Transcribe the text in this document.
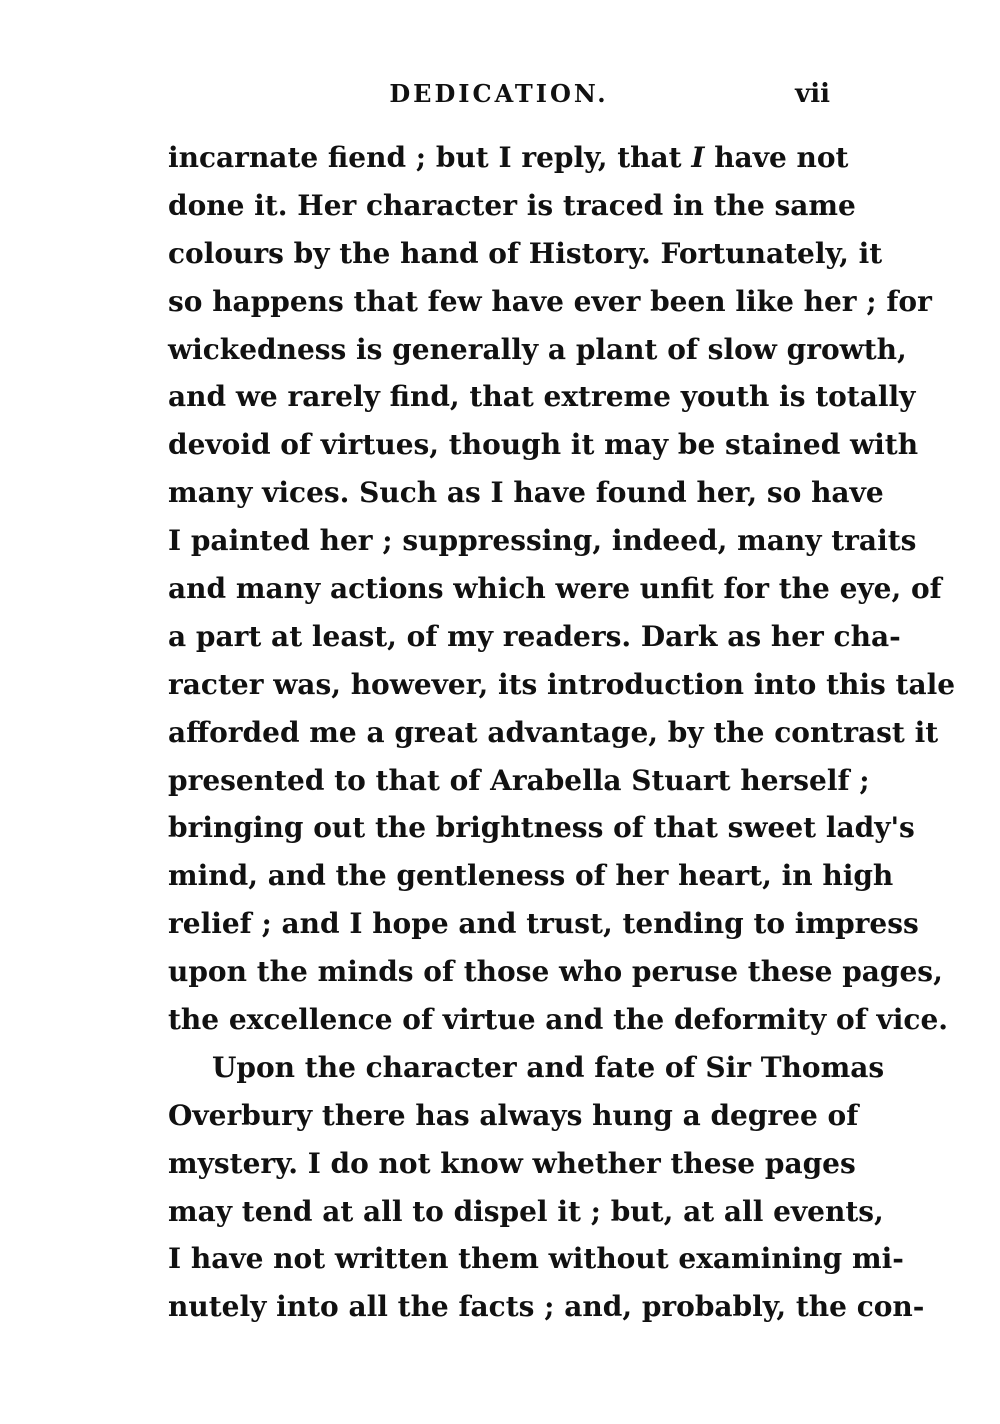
DEDICATION.	vii
incarnate fiend ; but I reply, that I have not
done it. Her character is traced in the same
colours by the hand of History. Fortunately, it
so happens that few have ever been like her ; for
wickedness is generally a plant of slow growth,
and we rarely find, that extreme youth is totally
devoid of virtues, though it may be stained with
many vices. Such as I have found her, so have
I painted her ; suppressing, indeed, many traits
and many actions which were unfit for the eye, of
a part at least, of my readers. Dark as her cha-
racter was, however, its introduction into this tale
afforded me a great advantage, by the contrast it
presented to that of Arabella Stuart herself ;
bringing out the brightness of that sweet lady's
mind, and the gentleness of her heart, in high
relief ; and I hope and trust, tending to impress
upon the minds of those who peruse these pages,
the excellence of virtue and the deformity of vice.
Upon the character and fate of Sir Thomas
Overbury there has always hung a degree of
mystery. I do not know whether these pages
may tend at all to dispel it ; but, at all events,
I have not written them without examining mi-
nutely into all the facts ; and, probably, the con-
